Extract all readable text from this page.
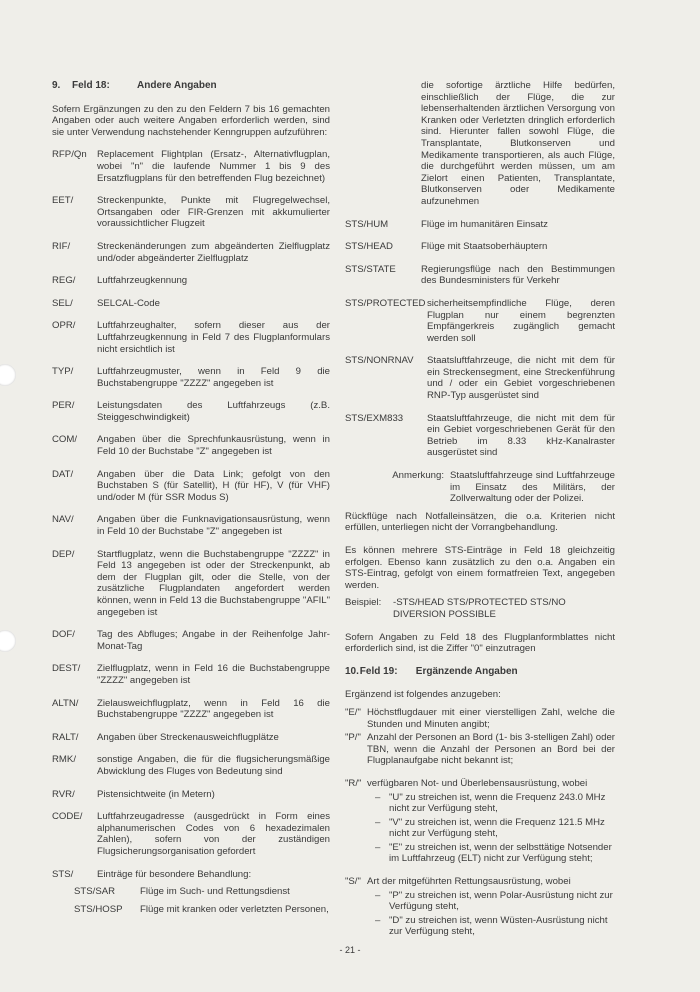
9. Feld 18:	Andere Angaben

Sofern Ergänzungen zu den zu den Feldern 7 bis 16 gemachten Angaben oder auch weitere Angaben erforderlich werden, sind sie unter Verwendung nachstehender Kenngruppen aufzuführen:

RFP/Qn	Replacement Flightplan (Ersatz-, Alternativflugplan, wobei "n" die laufende Nummer 1 bis 9 des Ersatzflugplans für den betreffenden Flug bezeichnet)
EET/	Streckenpunkte, Punkte mit Flugregelwechsel, Ortsangaben oder FIR-Grenzen mit akkumulierter voraussichtlicher Flugzeit
RIF/	Streckenänderungen zum abgeänderten Zielflugplatz und/oder abgeänderter Zielflugplatz
REG/	Luftfahrzeugkennung
SEL/	SELCAL-Code
OPR/	Luftfahrzeughalter, sofern dieser aus der Luftfahrzeugkennung in Feld 7 des Flugplanformulars nicht ersichtlich ist
TYP/	Luftfahrzeugmuster, wenn in Feld 9 die Buchstabengruppe "ZZZZ" angegeben ist
PER/	Leistungsdaten des Luftfahrzeugs (z.B. Steiggeschwindigkeit)
COM/	Angaben über die Sprechfunkausrüstung, wenn in Feld 10 der Buchstabe "Z" angegeben ist
DAT/	Angaben über die Data Link; gefolgt von den Buchstaben S (für Satellit), H (für HF), V (für VHF) und/oder M (für SSR Modus S)
NAV/	Angaben über die Funknavigationsausrüstung, wenn in Feld 10 der Buchstabe "Z" angegeben ist
DEP/	Startflugplatz, wenn die Buchstabengruppe "ZZZZ" in Feld 13 angegeben ist oder der Streckenpunkt, ab dem der Flugplan gilt, oder die Stelle, von der zusätzliche Flugplandaten angefordert werden können, wenn in Feld 13 die Buchstabengruppe "AFIL" angegeben ist
DOF/	Tag des Abfluges; Angabe in der Reihenfolge Jahr-Monat-Tag
DEST/	Zielflugplatz, wenn in Feld 16 die Buchstabengruppe "ZZZZ" angegeben ist
ALTN/	Zielausweichflugplatz, wenn in Feld 16 die Buchstabengruppe "ZZZZ" angegeben ist
RALT/	Angaben über Streckenausweichflugplätze
RMK/	sonstige Angaben, die für die flugsicherungsmäßige Abwicklung des Fluges von Bedeutung sind
RVR/	Pistensichtweite (in Metern)
CODE/	Luftfahrzeugadresse (ausgedrückt in Form eines alphanumerischen Codes von 6 hexadezimalen Zahlen), sofern von der zuständigen Flugsicherungsorganisation gefordert
STS/	Einträge für besondere Behandlung:
STS/SAR	Flüge im Such- und Rettungsdienst
STS/HOSP	Flüge mit kranken oder verletzten Personen,
die sofortige ärztliche Hilfe bedürfen, einschließlich der Flüge, die zur lebenserhaltenden ärztlichen Versorgung von Kranken oder Verletzten dringlich erforderlich sind. Hierunter fallen sowohl Flüge, die Transplantate, Blutkonserven und Medikamente transportieren, als auch Flüge, die durchgeführt werden müssen, um am Zielort einen Patienten, Transplantate, Blutkonserven oder Medikamente aufzunehmen
STS/HUM	Flüge im humanitären Einsatz
STS/HEAD	Flüge mit Staatsoberhäuptern
STS/STATE	Regierungsflüge nach den Bestimmungen des Bundesministers für Verkehr
STS/PROTECTED sicherheitsempfindliche Flüge, deren Flugplan nur einem begrenzten Empfängerkreis zugänglich gemacht werden soll
STS/NONRNAV	Staatsluftfahrzeuge, die nicht mit dem für ein Streckensegment, eine Streckenführung und / oder ein Gebiet vorgeschriebenen RNP-Typ ausgerüstet sind
STS/EXM833	Staatsluftfahrzeuge, die nicht mit dem für ein Gebiet vorgeschriebenen Gerät für den Betrieb im 8.33 kHz-Kanalraster ausgerüstet sind
Anmerkung: Staatsluftfahrzeuge sind Luftfahrzeuge im Einsatz des Militärs, der Zollverwaltung oder der Polizei.

Rückflüge nach Notfalleinsätzen, die o.a. Kriterien nicht erfüllen, unterliegen nicht der Vorrangbehandlung.

Es können mehrere STS-Einträge in Feld 18 gleichzeitig erfolgen. Ebenso kann zusätzlich zu den o.a. Angaben ein STS-Eintrag, gefolgt von einem formatfreien Text, angegeben werden.

Beispiel:	-STS/HEAD STS/PROTECTED STS/NO DIVERSION POSSIBLE

Sofern Angaben zu Feld 18 des Flugplanformblattes nicht erforderlich sind, ist die Ziffer "0" einzutragen

10. Feld 19: Ergänzende Angaben

Ergänzend ist folgendes anzugeben:

"E/" Höchstflugdauer mit einer vierstelligen Zahl, welche die Stunden und Minuten angibt;
"P/" Anzahl der Personen an Bord (1- bis 3-stelligen Zahl) oder TBN, wenn die Anzahl der Personen an Bord bei der Flugplanaufgabe nicht bekannt ist;
"R/" verfügbaren Not- und Überlebensausrüstung, wobei
– "U" zu streichen ist, wenn die Frequenz 243.0 MHz nicht zur Verfügung steht,
– "V" zu streichen ist, wenn die Frequenz 121.5 MHz nicht zur Verfügung steht,
– "E" zu streichen ist, wenn der selbsttätige Notsender im Luftfahrzeug (ELT) nicht zur Verfügung steht;
"S/" Art der mitgeführten Rettungsausrüstung, wobei
– "P" zu streichen ist, wenn Polar-Ausrüstung nicht zur Verfügung steht,
– "D" zu streichen ist, wenn Wüsten-Ausrüstung nicht zur Verfügung steht,
- 21 -
